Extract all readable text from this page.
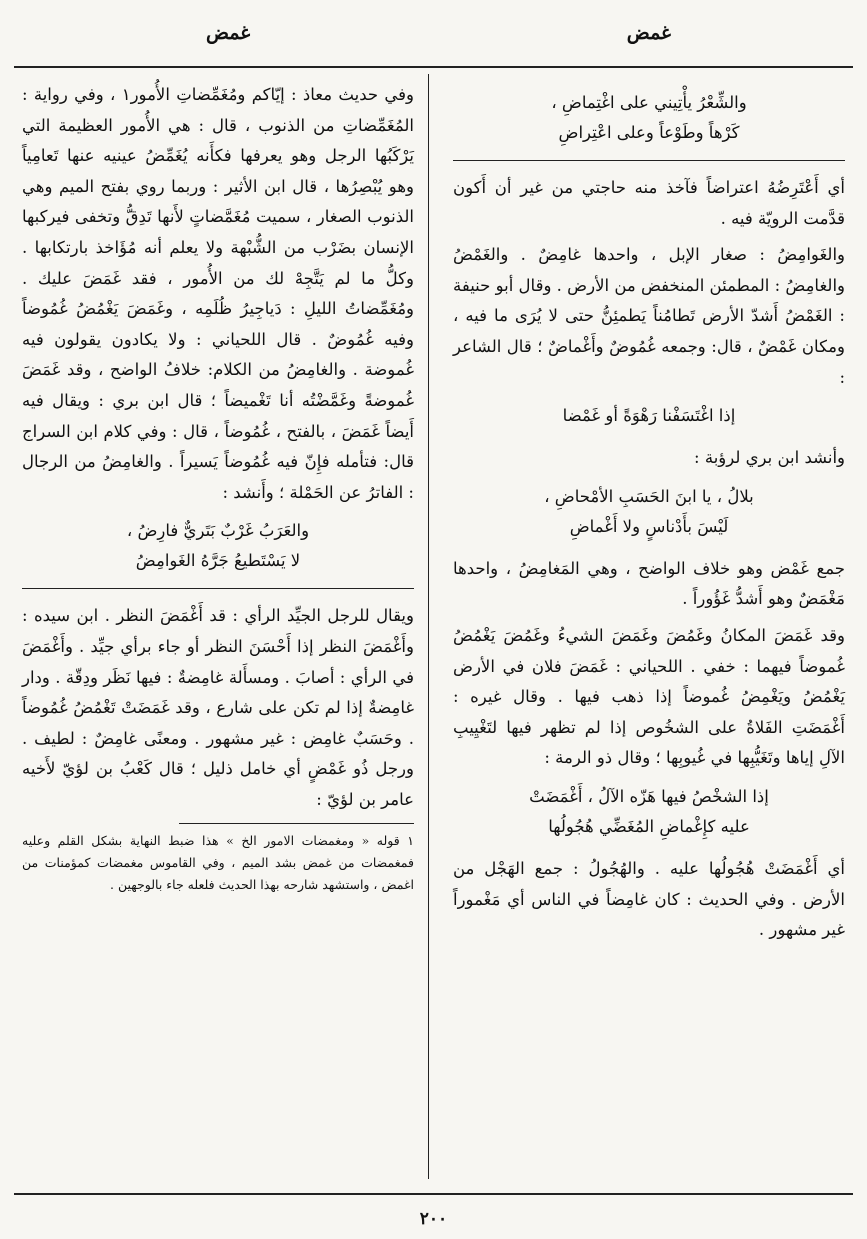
غمض
غمض
والشِّعْرُ يأْتِيني على اغْتِماضِ ،
كَرْهاً وطَوْعاً وعلى اعْتِراضِ

أي أَعْتَرِضُهُ اعتراضاً فآخذ منه حاجتي من غير أن أَكون قدَّمت الرويّة فيه .

والغَوامِضُ : صغار الإبل ، واحدها غامِضٌ . والغَمْضُ والغامِضُ : المطمئن المنخفض من الأرض . وقال أبو حنيفة : الغَمْضُ أَشدّ الأرض تَطامُناً يَطمئِنُّ حتى لا يُرَى ما فيه ، ومكان غَمْضٌ ، قال: وجمعه غُمُوضٌ وأَغْماضٌ ؛ قال الشاعر :

إذا اغْتَسَفْنا رَهْوَةً أو غَمْضا

وأنشد ابن بري لرؤبة :

بلالُ ، يا ابنَ الحَسَبِ الأمْحاضِ ،
لَيْسَ بأَدْناسٍ ولا أَغْماضِ

جمع غَمْض وهو خلاف الواضح ، وهي المَغامِضُ ، واحدها مَغْمَضٌ وهو أَشدُّ غَؤُوراً .

وقد غَمَضَ المكانُ وغَمُضَ وغَمَضَ الشيءُ وغَمُضَ يَغْمُضُ غُموضاً فيهما : خفي . اللحياني : غَمَضَ فلان في الأرض يَغْمُضُ ويَغْمِضُ غُموضاً إذا ذهب فيها . وقال غيره : أَغْمَضَتِ الفَلاةُ على الشخُوص إذا لم تظهر فيها لتَغْيِيبِ الآلِ إياها وتَغَيُّبِها في غُيوبِها ؛ وقال ذو الرمة :

إذا الشخْصُ فيها هَزّه الآلُ ، أَغْمَضَتْ
عليه كإِغْماضِ المُغَضِّي هُجُولُها

أي أَغْمَضَتْ هُجُولُها عليه . والهُجُولُ : جمع الهَجْل من الأرض . وفي الحديث : كان غامِضاً في الناس أي مَغْموراً غير مشهور .

وفي حديث معاذ : إيّاكم ومُغَمِّضاتِ الأُمور١ ، وفي رواية : المُغَمِّضاتِ من الذنوب ، قال : هي الأُمور العظيمة التي يَرْكَبُها الرجل وهو يعرفها فكأَنه يُغَمِّضُ عينيه عنها تَعامِياً وهو يُبْصِرُها ، قال ابن الأثير : وربما روي بفتح الميم وهي الذنوب الصغار ، سميت مُغَمَّضاتٍ لأَنها تَدِقُّ وتخفى فيركبها الإنسان بضَرْب من الشُّبْهة ولا يعلم أنه مُؤَاخذ بارتكابها . وكلُّ ما لم يَتَّجِهْ لك من الأُمور ، فقد غَمَضَ عليك . ومُغَمِّضاتُ الليلِ : دَياجِيرُ ظُلَمِه ، وغَمَضَ يَغْمُضُ غُمُوضاً وفيه غُمُوضٌ . قال اللحياني : ولا يكادون يقولون فيه غُموضة . والغامِضُ من الكلام: خلافُ الواضح ، وقد غَمَضَ غُموضةً وغَمَّضْتُه أنا تَغْميضاً ؛ قال ابن بري : ويقال فيه أَيضاً غَمَضَ ، بالفتح ، غُمُوضاً ، قال : وفي كلام ابن السراج قال: فتأمله فإِنّ فيه غُمُوضاً يَسيراً . والغامِضُ من الرجال : الفاترُ عن الحَمْلة ؛ وأَنشد :

والعَرَبُ غَرْبٌ بَتَريٌّ فارِضُ ،
لا يَسْتَطيعُ جَرَّهُ الغَوامِضُ

ويقال للرجل الجيِّد الرأي : قد أَغْمَضَ النظر . ابن سيده : وأَغْمَضَ النظر إذا أَحْسَنَ النظر أو جاء برأي جيِّد . وأَغْمَضَ في الرأي : أصابَ . ومسأَلة غامِضةٌ : فيها نَظَر ودِقّة . ودار غامِضةٌ إذا لم تكن على شارع ، وقد غَمَضَتْ تَغْمُضُ غُمُوضاً . وحَسَبٌ غامِض : غير مشهور . ومعنًى غامِضٌ : لطيف . ورجل ذُو غَمْضٍ أي خامل ذليل ؛ قال كَعْبُ بن لؤيّ لأَخيه عامر بن لؤيّ :

١ قوله « ومغمضات الامور الخ » هذا ضبط النهاية بشكل القلم وعليه فمغمضات من غمض بشد الميم ، وفي القاموس مغمضات كمؤمنات من اغمض ، واستشهد شارحه بهذا الحديث فلعله جاء بالوجهين .
٢٠٠
